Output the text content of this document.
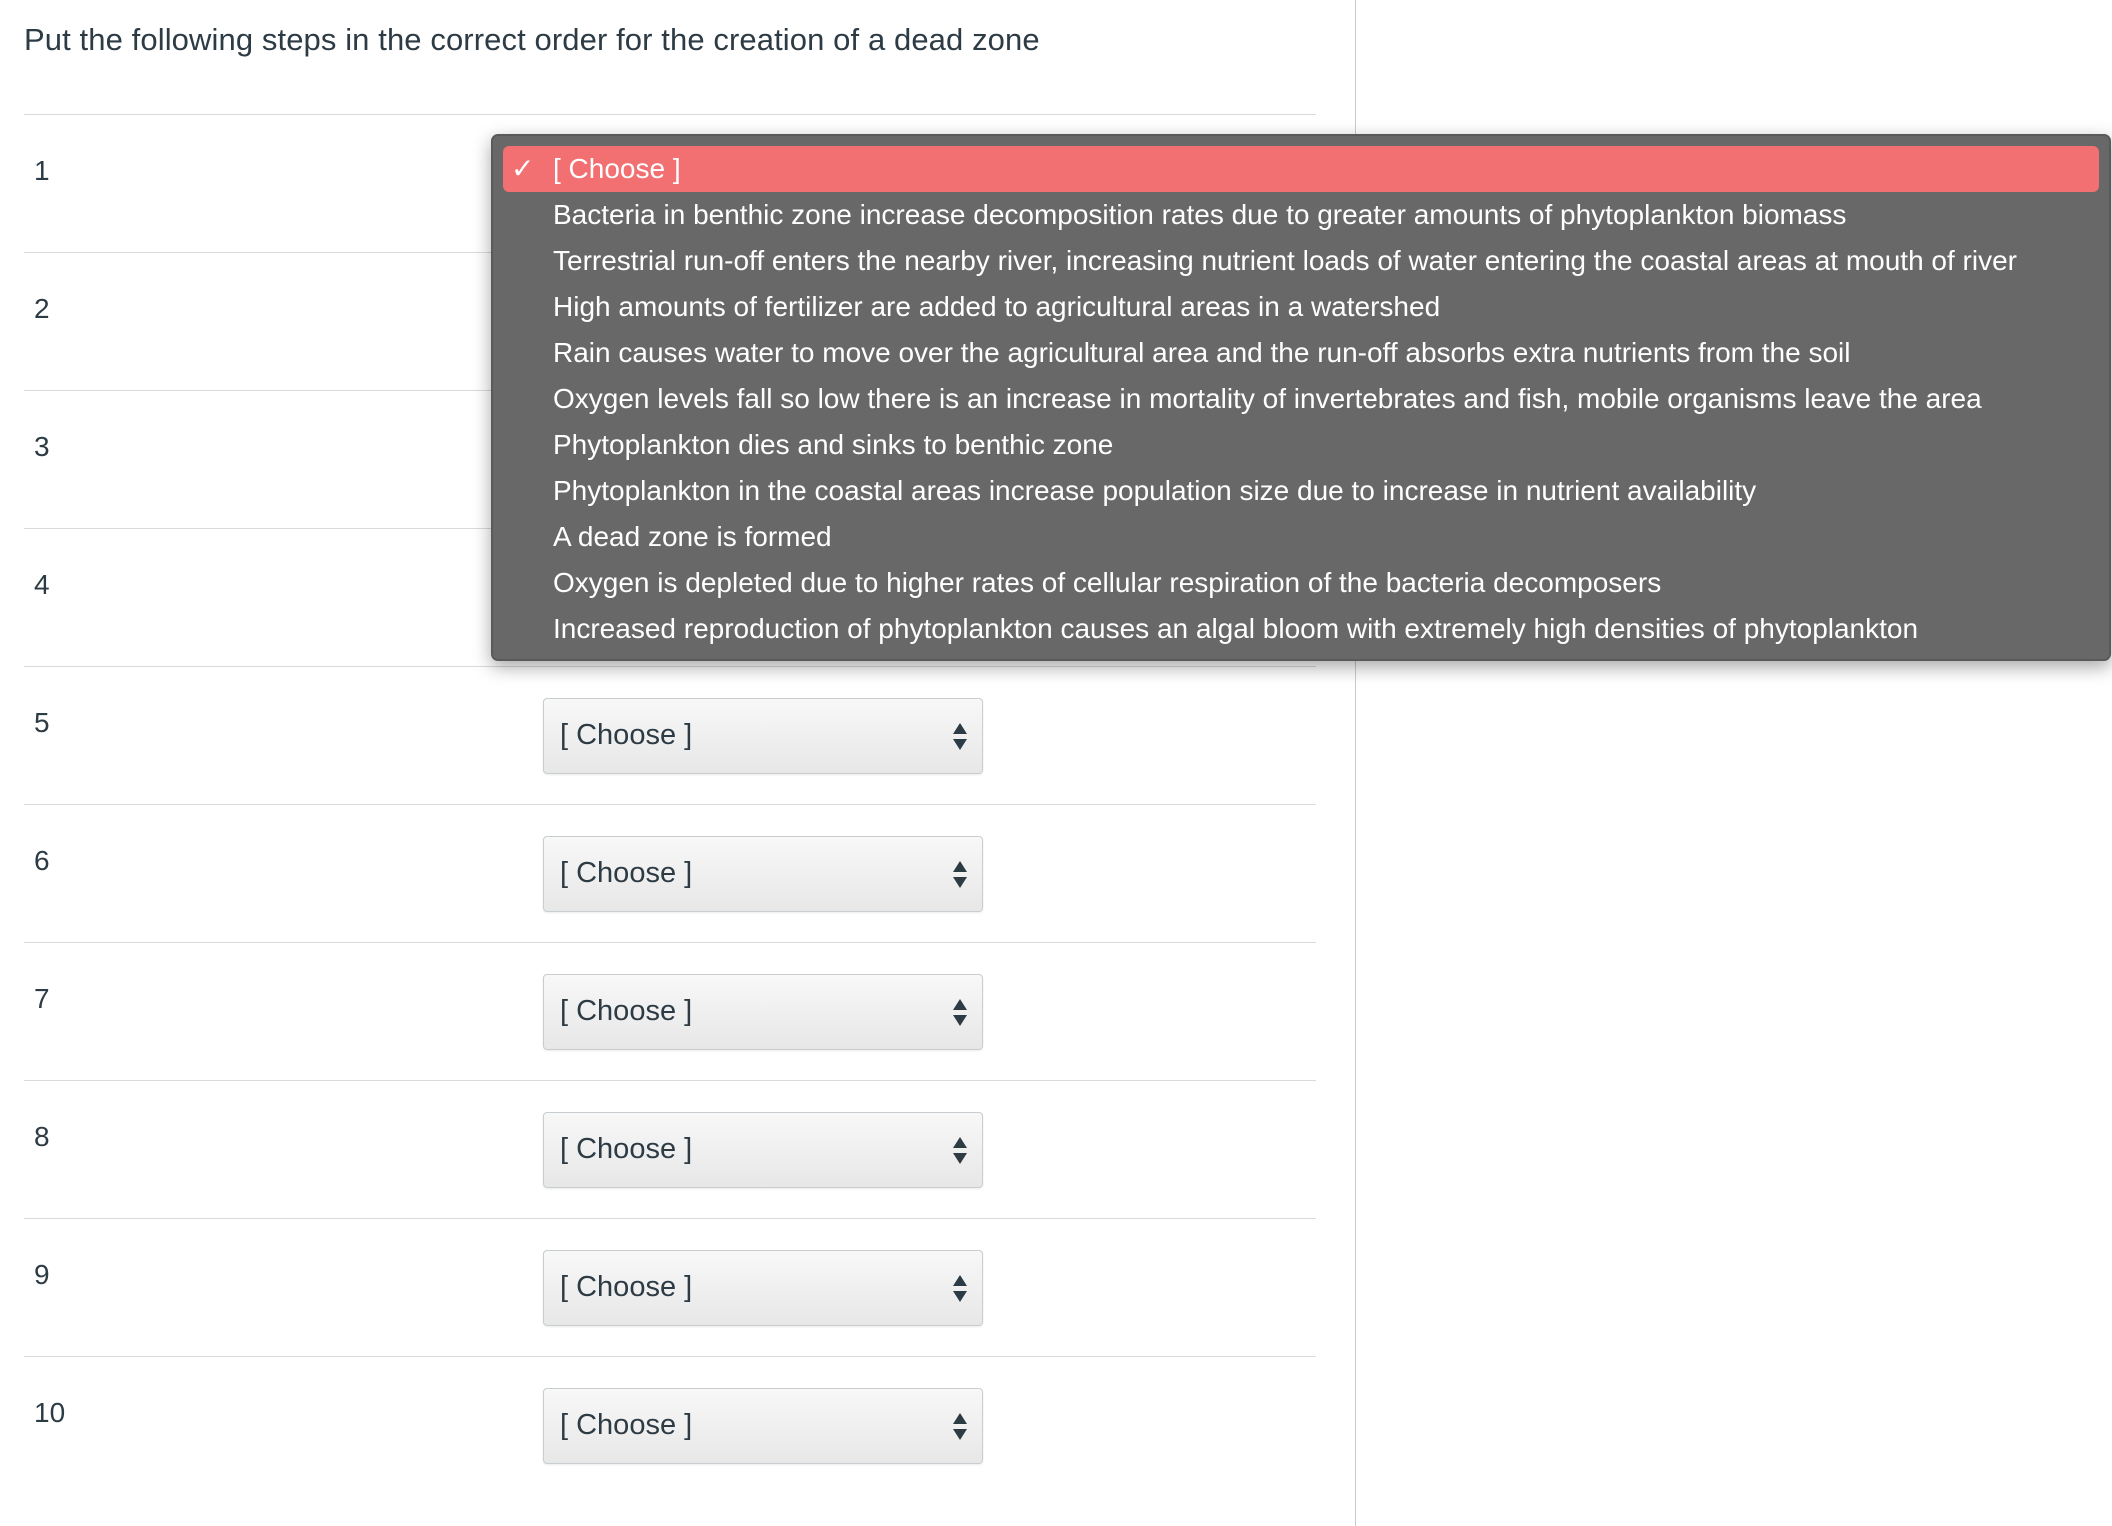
Put the following steps in the correct order for the creation of a dead zone
1
2
3
4
5	[ Choose ]
6	[ Choose ]
7	[ Choose ]
8	[ Choose ]
9	[ Choose ]
10	[ Choose ]
✓ [ Choose ]
Bacteria in benthic zone increase decomposition rates due to greater amounts of phytoplankton biomass
Terrestrial run-off enters the nearby river, increasing nutrient loads of water entering the coastal areas at mouth of river
High amounts of fertilizer are added to agricultural areas in a watershed
Rain causes water to move over the agricultural area and the run-off absorbs extra nutrients from the soil
Oxygen levels fall so low there is an increase in mortality of invertebrates and fish, mobile organisms leave the area
Phytoplankton dies and sinks to benthic zone
Phytoplankton in the coastal areas increase population size due to increase in nutrient availability
A dead zone is formed
Oxygen is depleted due to higher rates of cellular respiration of the bacteria decomposers
Increased reproduction of phytoplankton causes an algal bloom with extremely high densities of phytoplankton
